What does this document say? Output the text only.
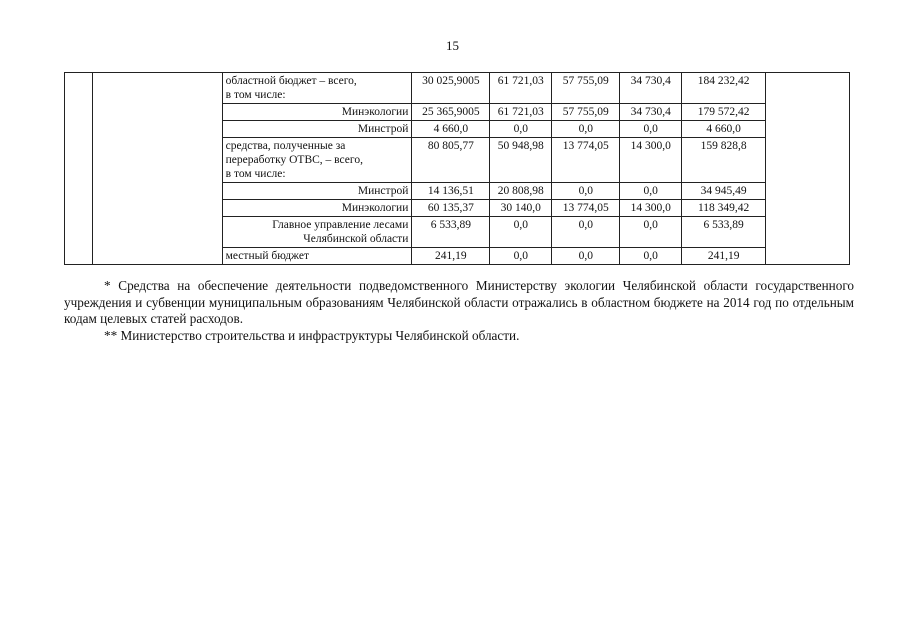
15
		областной бюджет – всего,
в том числе:	30 025,9005	61 721,03	57 755,09	34 730,4	184 232,42	
		Минэкологии	25 365,9005	61 721,03	57 755,09	34 730,4	179 572,42	
		Минстрой	4 660,0	0,0	0,0	0,0	4 660,0	
		средства, полученные за
переработку ОТВС, – всего,
в том числе:	80 805,77	50 948,98	13 774,05	14 300,0	159 828,8	
		Минстрой	14 136,51	20 808,98	0,0	0,0	34 945,49	
		Минэкологии	60 135,37	30 140,0	13 774,05	14 300,0	118 349,42	
		Главное управление лесами
Челябинской области	6 533,89	0,0	0,0	0,0	6 533,89	
		местный бюджет	241,19	0,0	0,0	0,0	241,19	

* Средства на обеспечение деятельности подведомственного Министерству экологии Челябинской области государственного учреждения и субвенции муниципальным образованиям Челябинской области отражались в областном бюджете на 2014 год по отдельным кодам целевых статей расходов.

** Министерство строительства и инфраструктуры Челябинской области.
